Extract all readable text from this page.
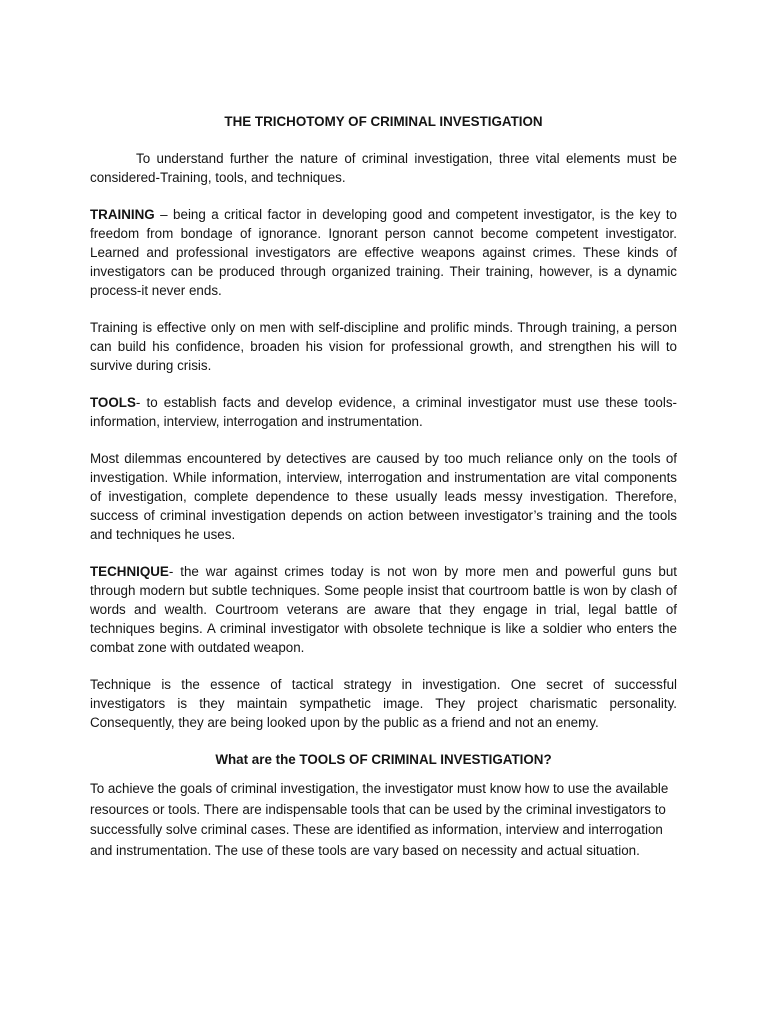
THE TRICHOTOMY OF CRIMINAL INVESTIGATION

To understand further the nature of criminal investigation, three vital elements must be considered-Training, tools, and techniques.

TRAINING – being a critical factor in developing good and competent investigator, is the key to freedom from bondage of ignorance. Ignorant person cannot become competent investigator. Learned and professional investigators are effective weapons against crimes. These kinds of investigators can be produced through organized training. Their training, however, is a dynamic process-it never ends.

Training is effective only on men with self-discipline and prolific minds. Through training, a person can build his confidence, broaden his vision for professional growth, and strengthen his will to survive during crisis.

TOOLS- to establish facts and develop evidence, a criminal investigator must use these tools-information, interview, interrogation and instrumentation.

Most dilemmas encountered by detectives are caused by too much reliance only on the tools of investigation. While information, interview, interrogation and instrumentation are vital components of investigation, complete dependence to these usually leads messy investigation. Therefore, success of criminal investigation depends on action between investigator’s training and the tools and techniques he uses.

TECHNIQUE- the war against crimes today is not won by more men and powerful guns but through modern but subtle techniques. Some people insist that courtroom battle is won by clash of words and wealth. Courtroom veterans are aware that they engage in trial, legal battle of techniques begins. A criminal investigator with obsolete technique is like a soldier who enters the combat zone with outdated weapon.

Technique is the essence of tactical strategy in investigation. One secret of successful investigators is they maintain sympathetic image. They project charismatic personality. Consequently, they are being looked upon by the public as a friend and not an enemy.

What are the TOOLS OF CRIMINAL INVESTIGATION?

To achieve the goals of criminal investigation, the investigator must know how to use the available resources or tools. There are indispensable tools that can be used by the criminal investigators to successfully solve criminal cases. These are identified as information, interview and interrogation and instrumentation. The use of these tools are vary based on necessity and actual situation.
